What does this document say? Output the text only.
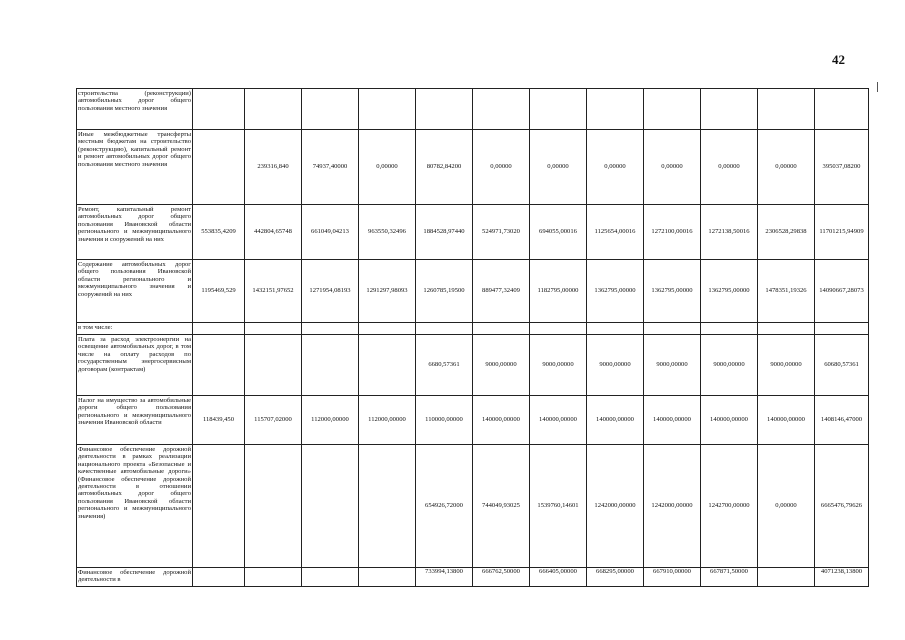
42
строительства (реконструкции) автомобильных дорог общего пользования местного значения												
Иные межбюджетные трансферты местным бюджетам на строительство (реконструкцию), капитальный ремонт и ремонт автомобильных дорог общего пользования местного значения		239316,840	74937,40000	0,00000	80782,84200	0,00000	0,00000	0,00000	0,00000	0,00000	0,00000	395037,08200
Ремонт, капитальный ремонт автомобильных дорог общего пользования Ивановской области регионального и межмуниципального значения и сооружений на них	553835,4209	442804,65748	661049,04213	963550,32496	1884528,97440	524971,73020	694055,00016	1125654,00016	1272100,00016	1272138,50016	2306528,29838	11701215,94909
Содержание автомобильных дорог общего пользования Ивановской области регионального и межмуниципального значения и сооружений на них	1195469,529	1432151,97652	1271954,08193	1291297,98093	1260785,19500	889477,32409	1182795,00000	1362795,00000	1362795,00000	1362795,00000	1478351,19326	14090667,28073
в том числе:												
Плата за расход электроэнергии на освещение автомобильных дорог, в том числе на оплату расходов по государственным энергосервисным договорам (контрактам)					6680,57361	9000,00000	9000,00000	9000,00000	9000,00000	9000,00000	9000,00000	60680,57361
Налог на имущество за автомобильные дороги общего пользования регионального и межмуниципального значения Ивановской области	118439,450	115707,02000	112000,00000	112000,00000	110000,00000	140000,00000	140000,00000	140000,00000	140000,00000	140000,00000	140000,00000	1408146,47000
Финансовое обеспечение дорожной деятельности в рамках реализации национального проекта «Безопасные и качественные автомобильные дороги» (Финансовое обеспечение дорожной деятельности в отношении автомобильных дорог общего пользования Ивановской области регионального и межмуниципального значения)					654926,72000	744049,93025	1539760,14601	1242000,00000	1242000,00000	1242700,00000	0,00000	6665476,79626
Финансовое обеспечение дорожной деятельности в					733994,13800	666762,50000	666405,00000	668295,00000	667910,00000	667871,50000		4071238,13800
